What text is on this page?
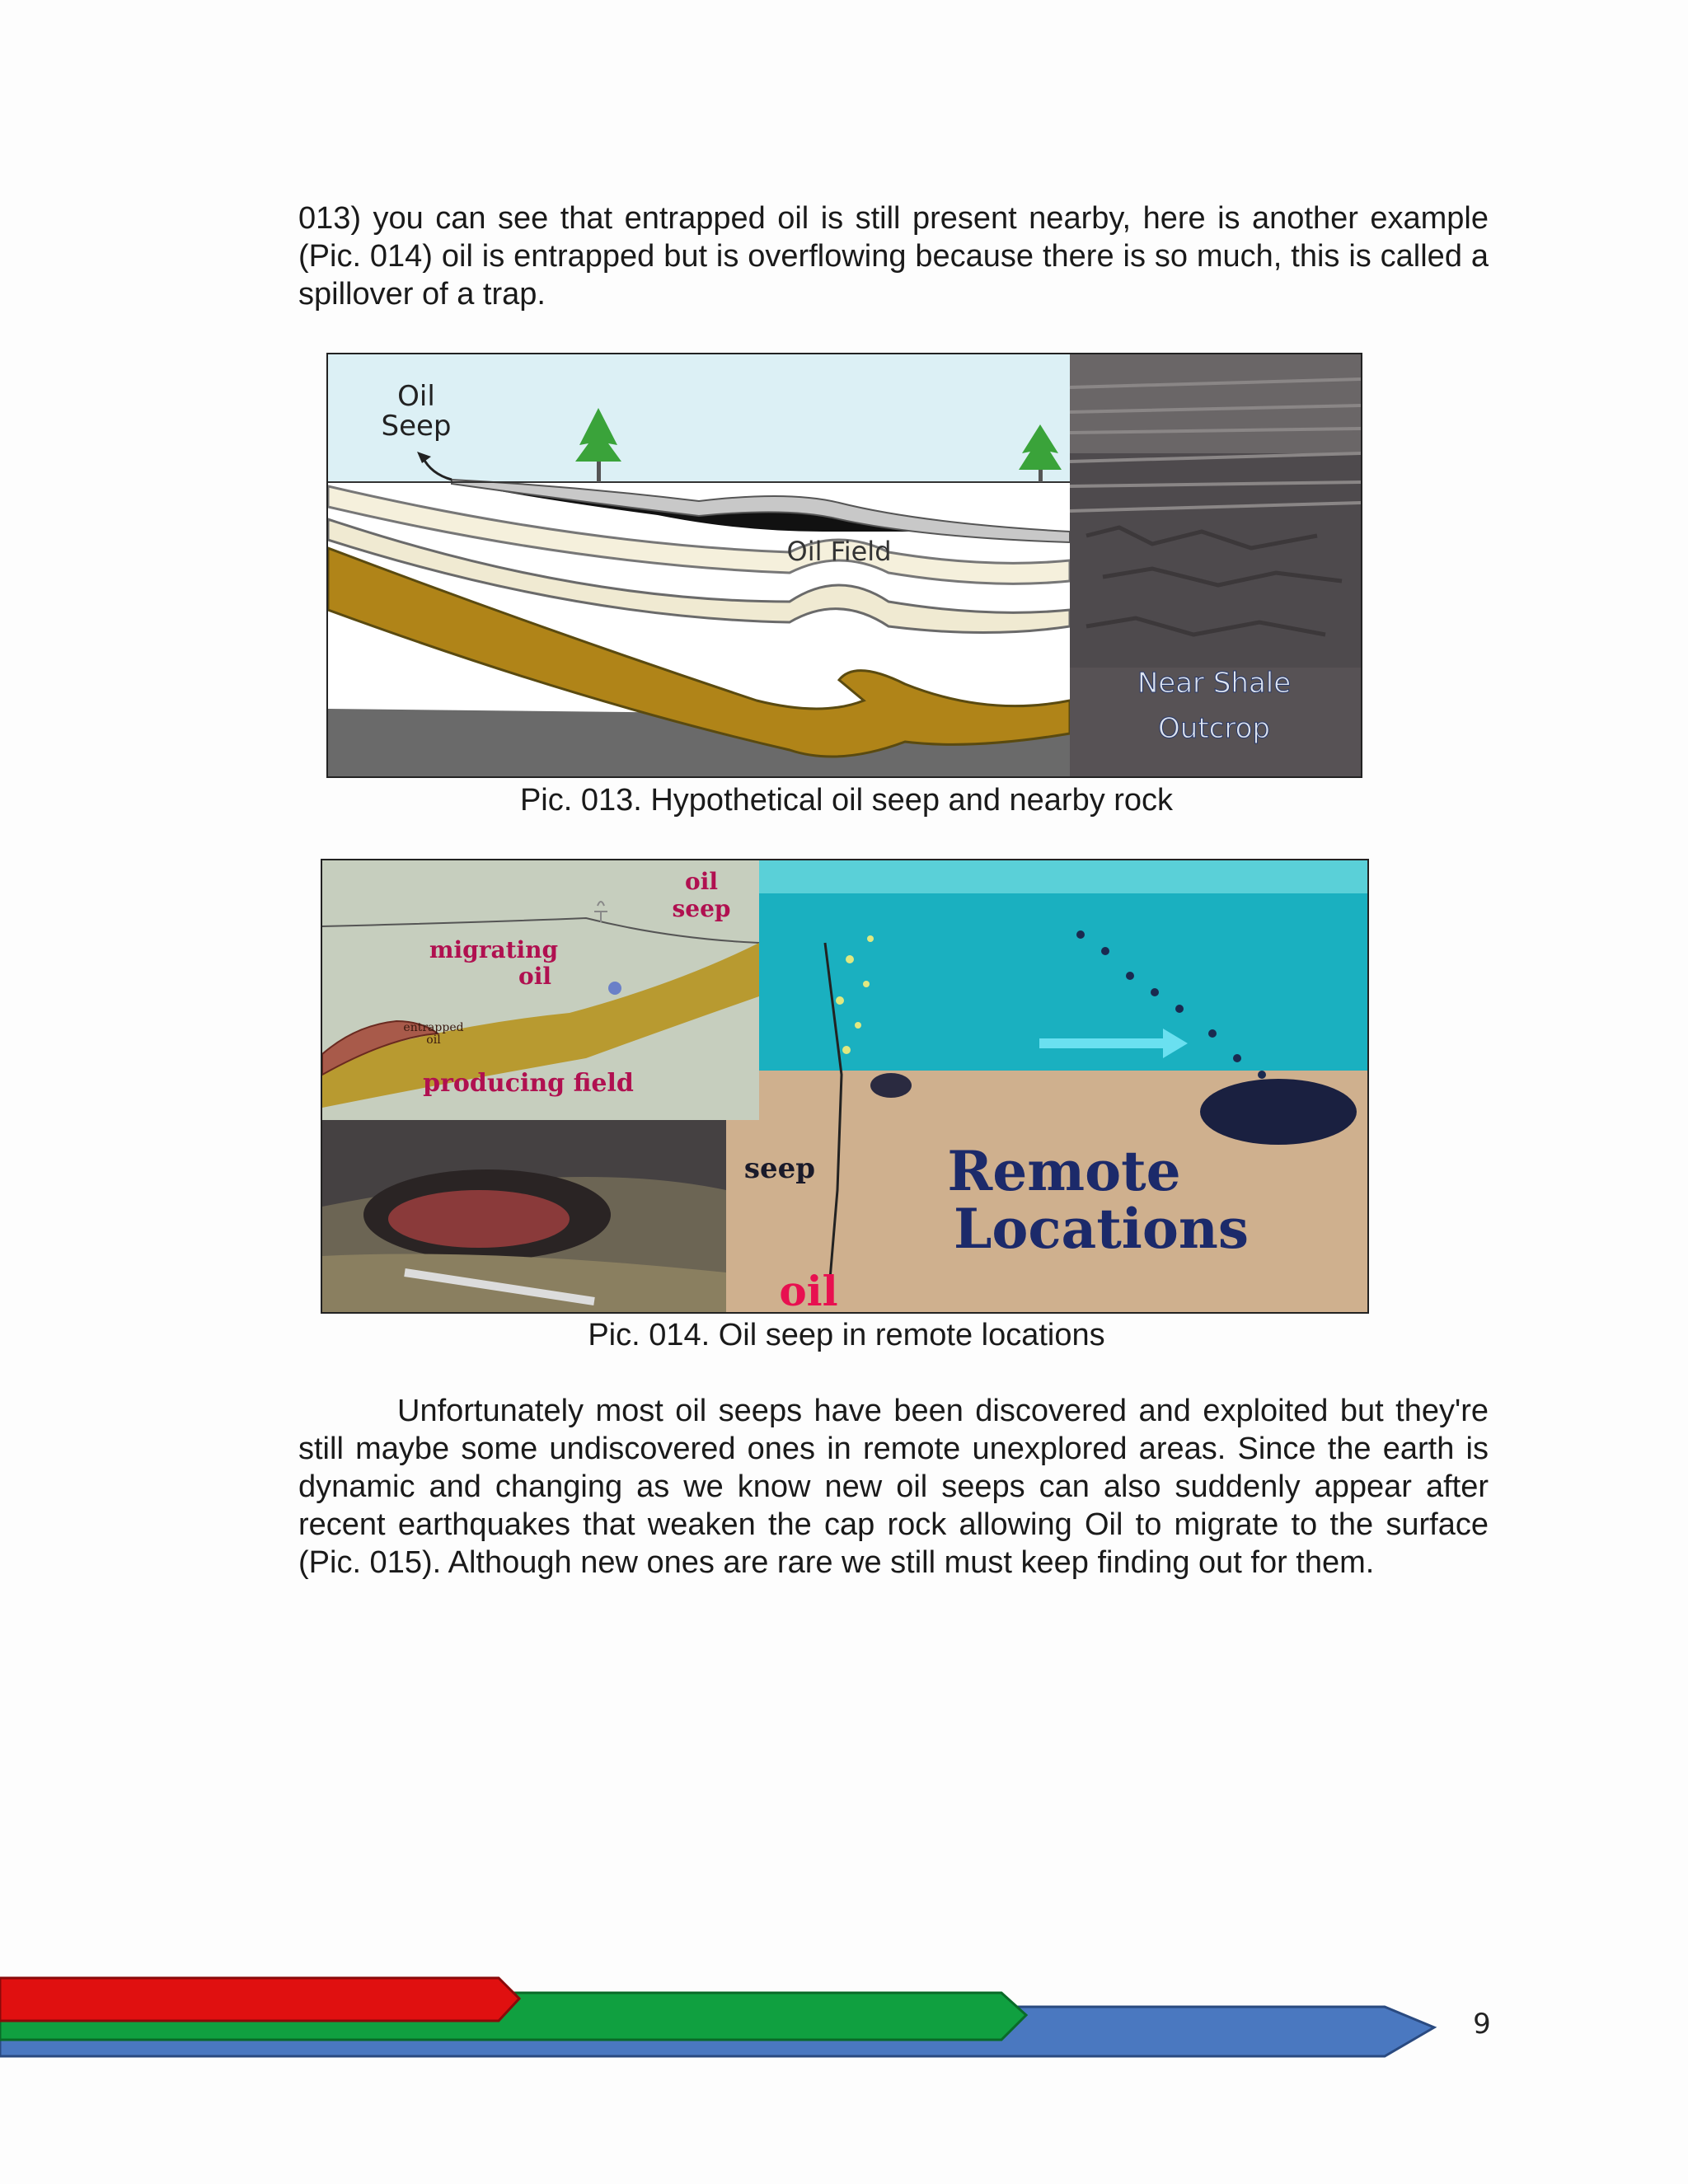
013) you can see that entrapped oil is still present nearby, here is another example (Pic. 014) oil is entrapped but is overflowing because there is so much, this is called a spillover of a trap.

Oil
Seep
Oil Field
Near Shale
Outcrop

Pic. 013. Hypothetical oil seep and nearby rock

oil
seep
migrating
oil
entrapped
oil
producing field
seep Remote
Locations
oil

Pic. 014. Oil seep in remote locations

Unfortunately most oil seeps have been discovered and exploited but they're still maybe some undiscovered ones in remote unexplored areas. Since the earth is dynamic and changing as we know new oil seeps can also suddenly appear after recent earthquakes that weaken the cap rock allowing Oil to migrate to the surface (Pic. 015). Although new ones are rare we still must keep finding out for them.

9
